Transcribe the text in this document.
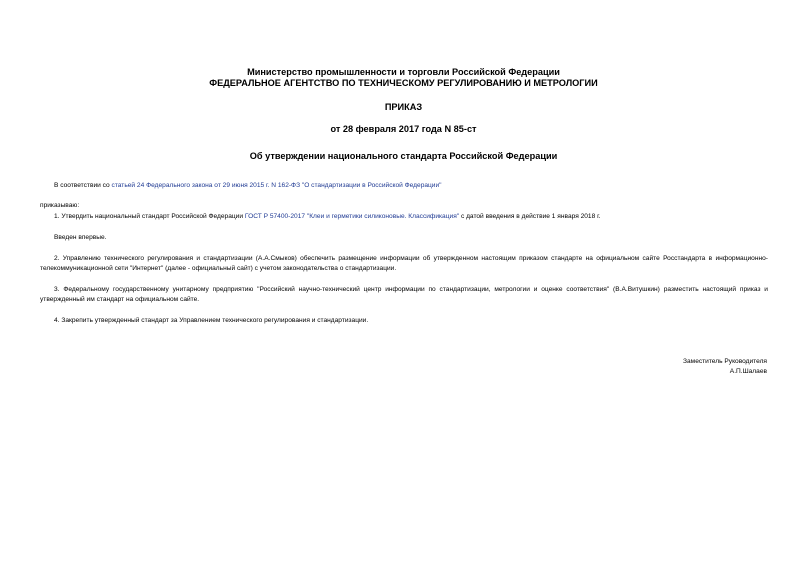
Министерство промышленности и торговли Российской Федерации
ФЕДЕРАЛЬНОЕ АГЕНТСТВО ПО ТЕХНИЧЕСКОМУ РЕГУЛИРОВАНИЮ И МЕТРОЛОГИИ
ПРИКАЗ
от 28 февраля 2017 года N 85-ст
Об утверждении национального стандарта Российской Федерации
В соответствии со статьей 24 Федерального закона от 29 июня 2015 г. N 162-ФЗ "О стандартизации в Российской Федерации"
приказываю:
1. Утвердить национальный стандарт Российской Федерации ГОСТ Р 57400-2017 "Клеи и герметики силиконовые. Классификация" с датой введения в действие 1 января 2018 г.
Введен впервые.
2. Управлению технического регулирования и стандартизации (А.А.Смыков) обеспечить размещение информации об утвержденном настоящим приказом стандарте на официальном сайте Росстандарта в информационно-телекоммуникационной сети "Интернет" (далее - официальный сайт) с учетом законодательства о стандартизации.
3. Федеральному государственному унитарному предприятию "Российский научно-технический центр информации по стандартизации, метрологии и оценке соответствия" (В.А.Витушкин) разместить настоящий приказ и утвержденный им стандарт на официальном сайте.
4. Закрепить утвержденный стандарт за Управлением технического регулирования и стандартизации.
Заместитель Руководителя
А.П.Шалаев
